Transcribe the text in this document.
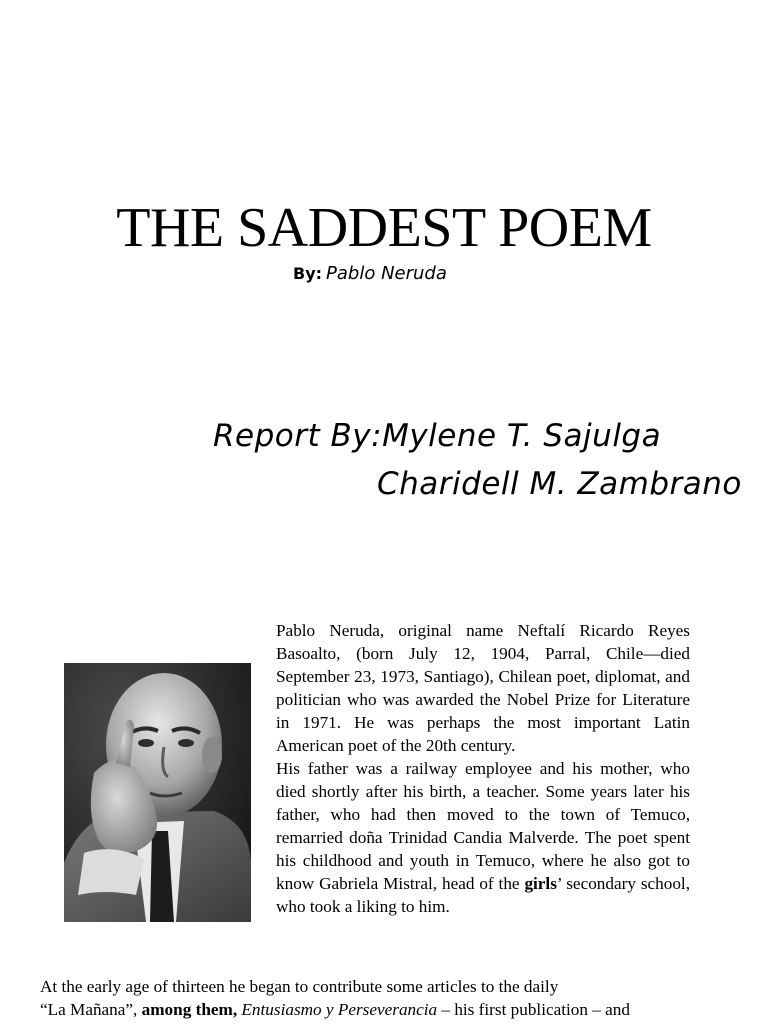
THE SADDEST POEM
By: Pablo Neruda
Report By:Mylene T. Sajulga
Charidell M. Zambrano

Pablo Neruda, original name Neftalí Ricardo Reyes Basoalto, (born July 12, 1904, Parral, Chile—died September 23, 1973, Santiago), Chilean poet, diplomat, and politician who was awarded the Nobel Prize for Literature in 1971. He was perhaps the most important Latin American poet of the 20th century.

His father was a railway employee and his mother, who died shortly after his birth, a teacher. Some years later his father, who had then moved to the town of Temuco, remarried doña Trinidad Candia Malverde. The poet spent his childhood and youth in Temuco, where he also got to know Gabriela Mistral, head of the girls’ secondary school, who took a liking to him.

At the early age of thirteen he began to contribute some articles to the daily

“La Mañana”, among them, Entusiasmo y Perseverancia – his first publication – and
